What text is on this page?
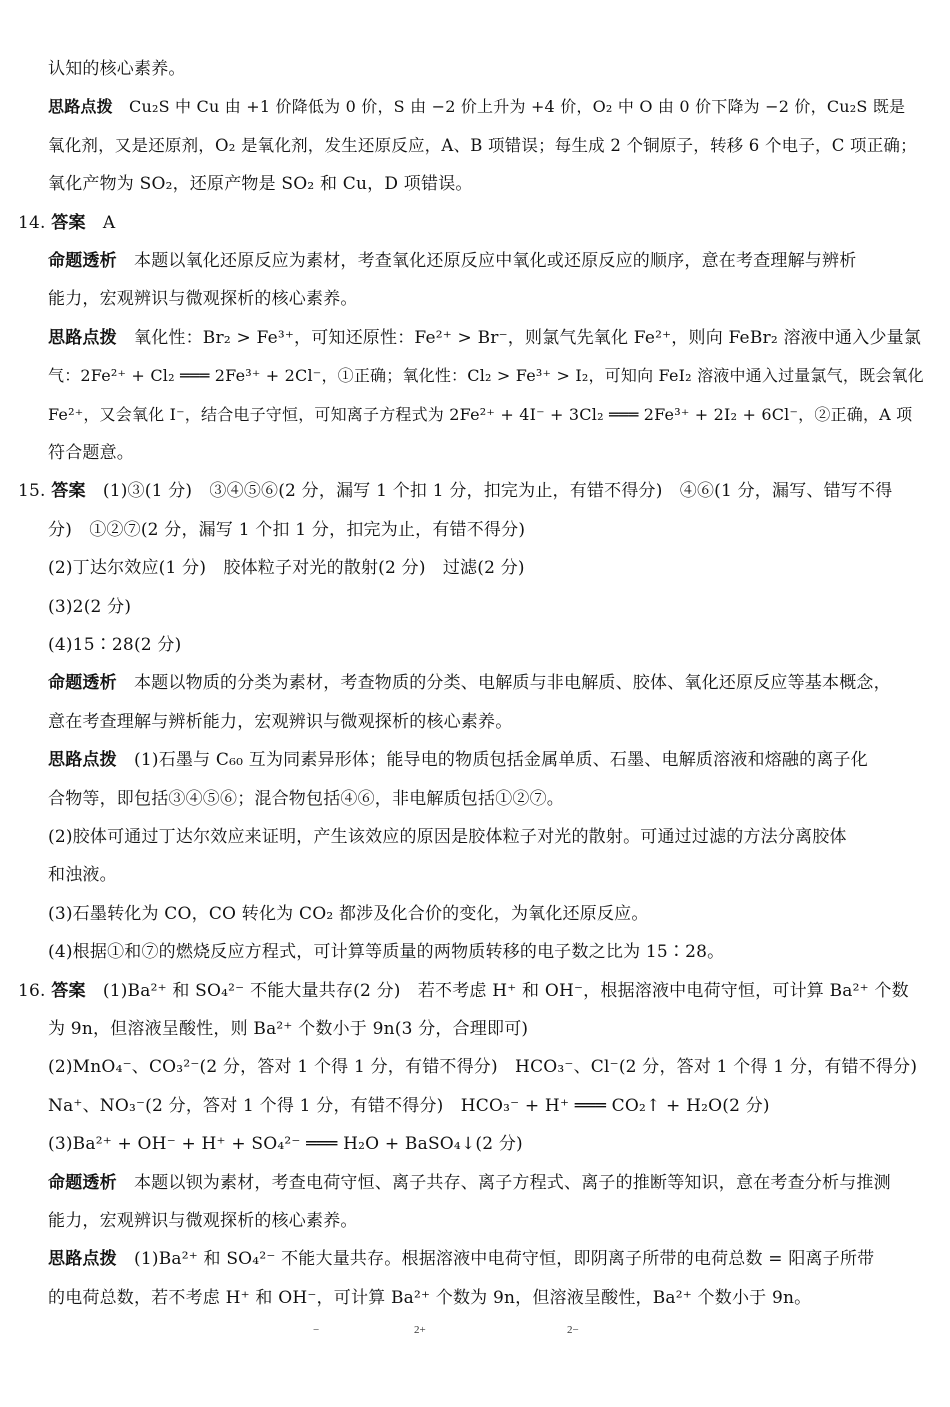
认知的核心素养。
思路点拨　Cu₂S 中 Cu 由 +1 价降低为 0 价，S 由 −2 价上升为 +4 价，O₂ 中 O 由 0 价下降为 −2 价，Cu₂S 既是
氧化剂，又是还原剂，O₂ 是氧化剂，发生还原反应，A、B 项错误；每生成 2 个铜原子，转移 6 个电子，C 项正确；
氧化产物为 SO₂，还原产物是 SO₂ 和 Cu，D 项错误。
14. 答案　A
命题透析　本题以氧化还原反应为素材，考查氧化还原反应中氧化或还原反应的顺序，意在考查理解与辨析
能力，宏观辨识与微观探析的核心素养。
思路点拨　氧化性：Br₂ > Fe³⁺，可知还原性：Fe²⁺ > Br⁻，则氯气先氧化 Fe²⁺，则向 FeBr₂ 溶液中通入少量氯
气：2Fe²⁺ + Cl₂ ═══ 2Fe³⁺ + 2Cl⁻，①正确；氧化性：Cl₂ > Fe³⁺ > I₂，可知向 FeI₂ 溶液中通入过量氯气，既会氧化
Fe²⁺，又会氧化 I⁻，结合电子守恒，可知离子方程式为 2Fe²⁺ + 4I⁻ + 3Cl₂ ═══ 2Fe³⁺ + 2I₂ + 6Cl⁻，②正确，A 项
符合题意。
15. 答案　(1)③(1 分)　③④⑤⑥(2 分，漏写 1 个扣 1 分，扣完为止，有错不得分)　④⑥(1 分，漏写、错写不得
分)　①②⑦(2 分，漏写 1 个扣 1 分，扣完为止，有错不得分)
(2)丁达尔效应(1 分)　胶体粒子对光的散射(2 分)　过滤(2 分)
(3)2(2 分)
(4)15∶28(2 分)
命题透析　本题以物质的分类为素材，考查物质的分类、电解质与非电解质、胶体、氧化还原反应等基本概念，
意在考查理解与辨析能力，宏观辨识与微观探析的核心素养。
思路点拨　(1)石墨与 C₆₀ 互为同素异形体；能导电的物质包括金属单质、石墨、电解质溶液和熔融的离子化
合物等，即包括③④⑤⑥；混合物包括④⑥，非电解质包括①②⑦。
(2)胶体可通过丁达尔效应来证明，产生该效应的原因是胶体粒子对光的散射。可通过过滤的方法分离胶体
和浊液。
(3)石墨转化为 CO，CO 转化为 CO₂ 都涉及化合价的变化，为氧化还原反应。
(4)根据①和⑦的燃烧反应方程式，可计算等质量的两物质转移的电子数之比为 15∶28。
16. 答案　(1)Ba²⁺ 和 SO₄²⁻ 不能大量共存(2 分)　若不考虑 H⁺ 和 OH⁻，根据溶液中电荷守恒，可计算 Ba²⁺ 个数
为 9n，但溶液呈酸性，则 Ba²⁺ 个数小于 9n(3 分，合理即可)
(2)MnO₄⁻、CO₃²⁻(2 分，答对 1 个得 1 分，有错不得分)　HCO₃⁻、Cl⁻(2 分，答对 1 个得 1 分，有错不得分)
Na⁺、NO₃⁻(2 分，答对 1 个得 1 分，有错不得分)　HCO₃⁻ + H⁺ ═══ CO₂↑ + H₂O(2 分)
(3)Ba²⁺ + OH⁻ + H⁺ + SO₄²⁻ ═══ H₂O + BaSO₄↓(2 分)
命题透析　本题以钡为素材，考查电荷守恒、离子共存、离子方程式、离子的推断等知识，意在考查分析与推测
能力，宏观辨识与微观探析的核心素养。
思路点拨　(1)Ba²⁺ 和 SO₄²⁻ 不能大量共存。根据溶液中电荷守恒，即阴离子所带的电荷总数 = 阳离子所带
的电荷总数，若不考虑 H⁺ 和 OH⁻，可计算 Ba²⁺ 个数为 9n，但溶液呈酸性，Ba²⁺ 个数小于 9n。
−	2+	2−
